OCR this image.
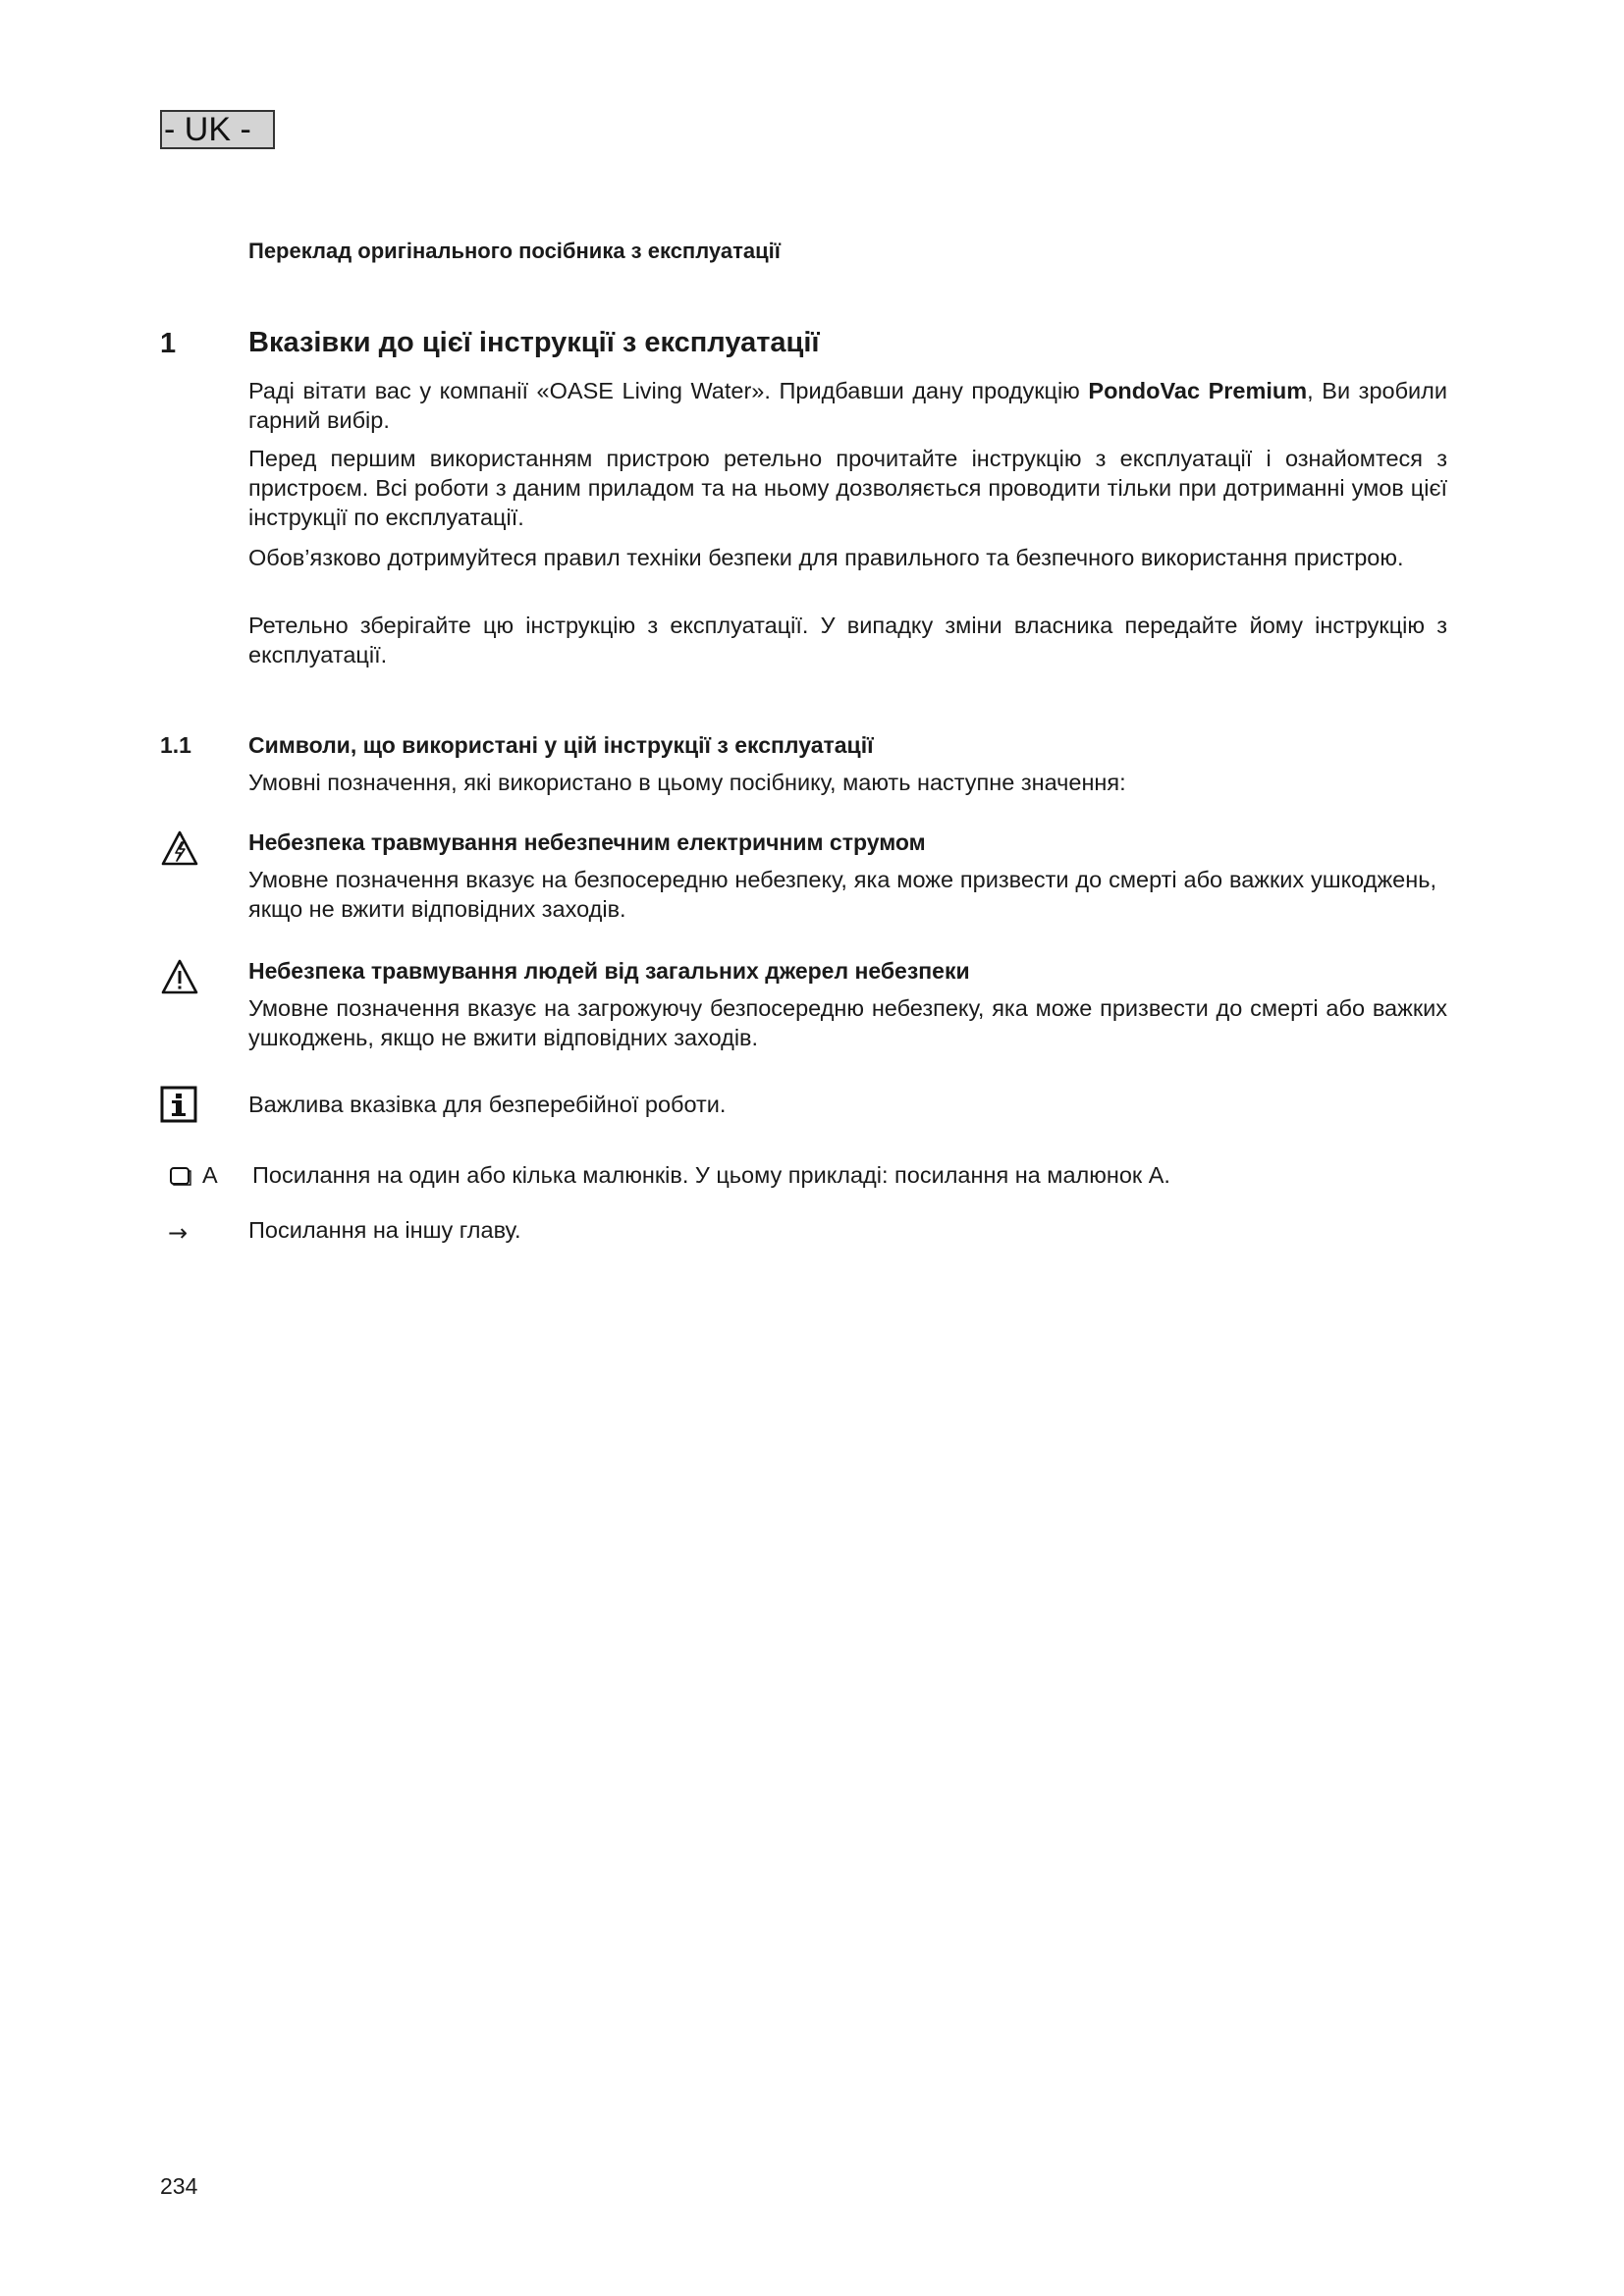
- UK -
Переклад оригінального посібника з експлуатації
1	Вказівки до цієї інструкції з експлуатації
Раді вітати вас у компанії «OASE Living Water». Придбавши дану продукцію PondoVac Premium, Ви зробили гарний вибір.
Перед першим використанням пристрою ретельно прочитайте інструкцію з експлуатації і ознайомтеся з пристроєм. Всі роботи з даним приладом та на ньому дозволяється проводити тільки при дотриманні умов цієї інструкції по експлуатації.
Обов’язково дотримуйтеся правил техніки безпеки для правильного та безпечного використання пристрою.
Ретельно зберігайте цю інструкцію з експлуатації. У випадку зміни власника передайте йому інструкцію з експлуатації.
1.1	Символи, що використані у цій інструкції з експлуатації
Умовні позначення, які використано в цьому посібнику, мають наступне значення:
Небезпека травмування небезпечним електричним струмом
Умовне позначення вказує на безпосередню небезпеку, яка може призвести до смерті або важких ушкоджень, якщо не вжити відповідних заходів.
Небезпека травмування людей від загальних джерел небезпеки
Умовне позначення вказує на загрожуючу безпосередню небезпеку, яка може призвести до смерті або важких ушкоджень, якщо не вжити відповідних заходів.
Важлива вказівка для безперебійної роботи.
A Посилання на один або кілька малюнків. У цьому прикладі: посилання на малюнок A.
→	Посилання на іншу главу.
234
